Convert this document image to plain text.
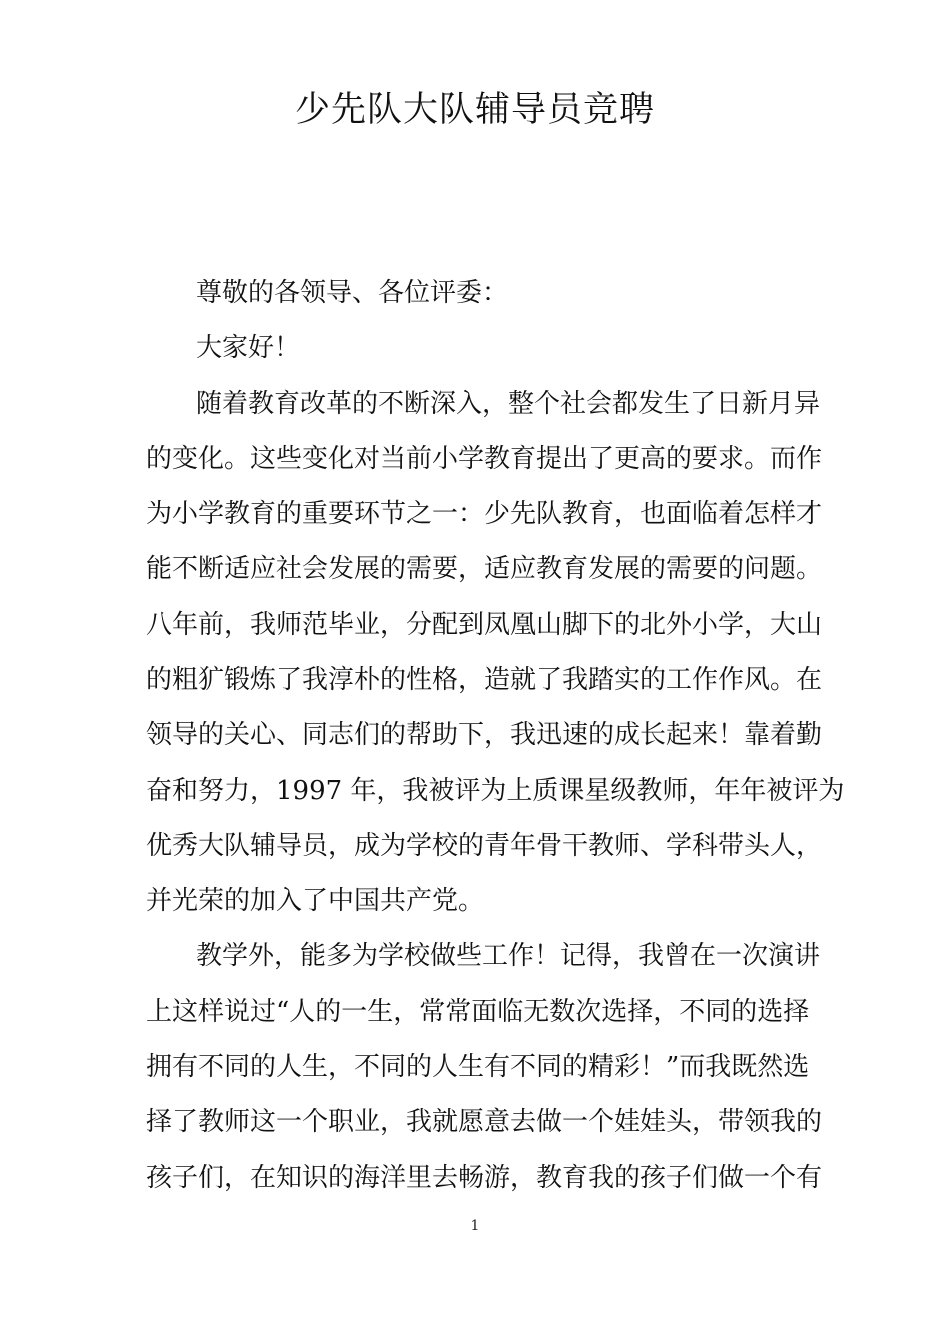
少先队大队辅导员竞聘
尊敬的各领导、各位评委：
大家好！
随着教育改革的不断深入，整个社会都发生了日新月异
的变化。这些变化对当前小学教育提出了更高的要求。而作
为小学教育的重要环节之一：少先队教育，也面临着怎样才
能不断适应社会发展的需要，适应教育发展的需要的问题。
八年前，我师范毕业，分配到凤凰山脚下的北外小学，大山
的粗犷锻炼了我淳朴的性格，造就了我踏实的工作作风。在
领导的关心、同志们的帮助下，我迅速的成长起来！靠着勤
奋和努力，1997 年，我被评为上质课星级教师，年年被评为
优秀大队辅导员，成为学校的青年骨干教师、学科带头人，
并光荣的加入了中国共产党。
教学外，能多为学校做些工作！记得，我曾在一次演讲
上这样说过“人的一生，常常面临无数次选择，不同的选择
拥有不同的人生，不同的人生有不同的精彩！”而我既然选
择了教师这一个职业，我就愿意去做一个娃娃头，带领我的
孩子们，在知识的海洋里去畅游，教育我的孩子们做一个有
1
